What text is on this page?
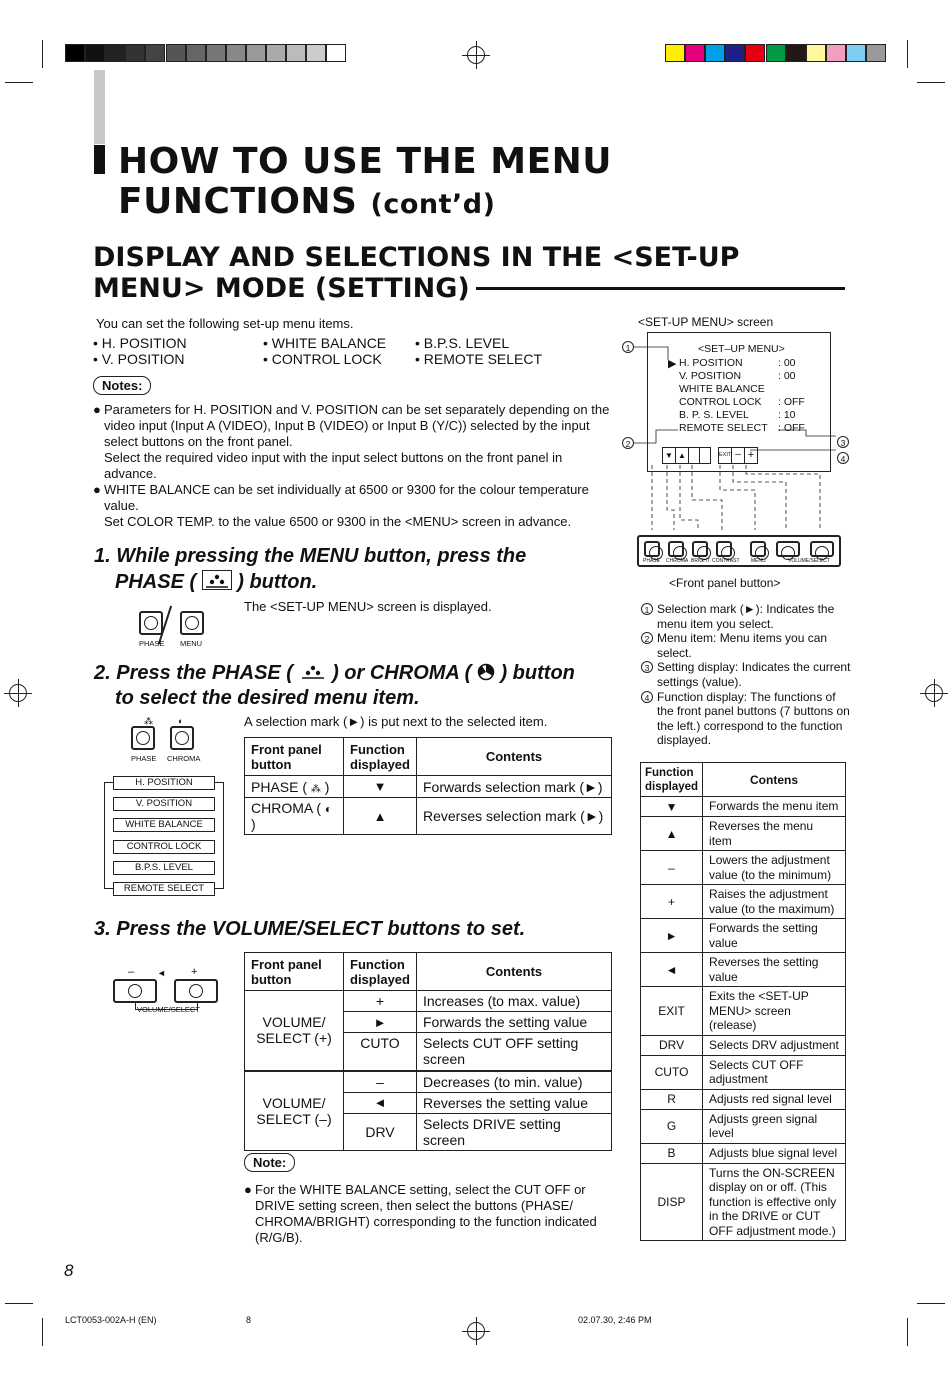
HOW TO USE THE MENU
FUNCTIONS (cont’d)
DISPLAY AND SELECTIONS IN THE <SET-UP
MENU> MODE (SETTING)
You can set the following set-up menu items.
• H. POSITION
• V. POSITION
• WHITE BALANCE
• CONTROL LOCK
• B.P.S. LEVEL
• REMOTE SELECT
Notes:
● Parameters for H. POSITION and V. POSITION can be set separately depending on the
video input (Input A (VIDEO), Input B (VIDEO) or Input B (Y/C)) selected by the input
select buttons on the front panel.
Select the required video input with the input select buttons on the front panel in
advance.
● WHITE BALANCE can be set individually at 6500 or 9300 for the colour temperature
value.
Set COLOR TEMP. to the value 6500 or 9300 in the <MENU> screen in advance.
1. While pressing the MENU button, press the
PHASE ( ) button.
PHASE MENU
The <SET-UP MENU> screen is displayed.
2. Press the PHASE ( ) or CHROMA ( ) button
to select the desired menu item.
⁂	◐
PHASE CHROMA
A selection mark (►) is put next to the selected item.
H. POSITION
V. POSITION
WHITE BALANCE
CONTROL LOCK
B.P.S. LEVEL
REMOTE SELECT
Front panel button	Function displayed	Contents
PHASE ( ⁂ )	▼	Forwards selection mark (►)
CHROMA ( ◐ )	▲	Reverses selection mark (►)
3. Press the VOLUME/SELECT buttons to set.
–	◄ +
VOLUME/SELECT
Front panel button	Function displayed	Contents
VOLUME/ SELECT (+)	+	Increases (to max. value)
	►	Forwards the setting value
	CUTO	Selects CUT OFF setting screen
VOLUME/ SELECT (–)	–	Decreases (to min. value)
	◄	Reverses the setting value
	DRV	Selects DRIVE setting screen
Note:
● For the WHITE BALANCE setting, select the CUT OFF or
DRIVE setting screen, then select the buttons (PHASE/
CHROMA/BRIGHT) corresponding to the function indicated
(R/G/B).
<SET-UP MENU> screen
<SET–UP MENU>
▶ H. POSITION	: 00
V. POSITION	: 00
WHITE BALANCE
CONTROL LOCK : OFF
B. P. S. LEVEL	: 10
REMOTE SELECT : OFF
▼ ▲	EXIT – +
1
2	3
4
PHASE CHROMA BRIGHT CONTRAST MENU	VOLUME/SELECT
<Front panel button>
1 Selection mark (►): Indicates the
menu item you select.
2 Menu item: Menu items you can
select.
3 Setting display: Indicates the current
settings (value).
4 Function display: The functions of
the front panel buttons (7 buttons on
the left.) correspond to the function
displayed.
Function displayed	Contens
▼	Forwards the menu item
▲	Reverses the menu item
–	Lowers the adjustment value (to the minimum)
+	Raises the adjustment value (to the maximum)
►	Forwards the setting value
◄	Reverses the setting value
EXIT	Exits the <SET-UP MENU> screen (release)
DRV	Selects DRV adjustment
CUTO	Selects CUT OFF adjustment
R	Adjusts red signal level
G	Adjusts green signal level
B	Adjusts blue signal level
DISP	Turns the ON-SCREEN display on or off. (This function is effective only in the DRIVE or CUT OFF adjustment mode.)
8
LCT0053-002A-H (EN)	8	02.07.30, 2:46 PM
